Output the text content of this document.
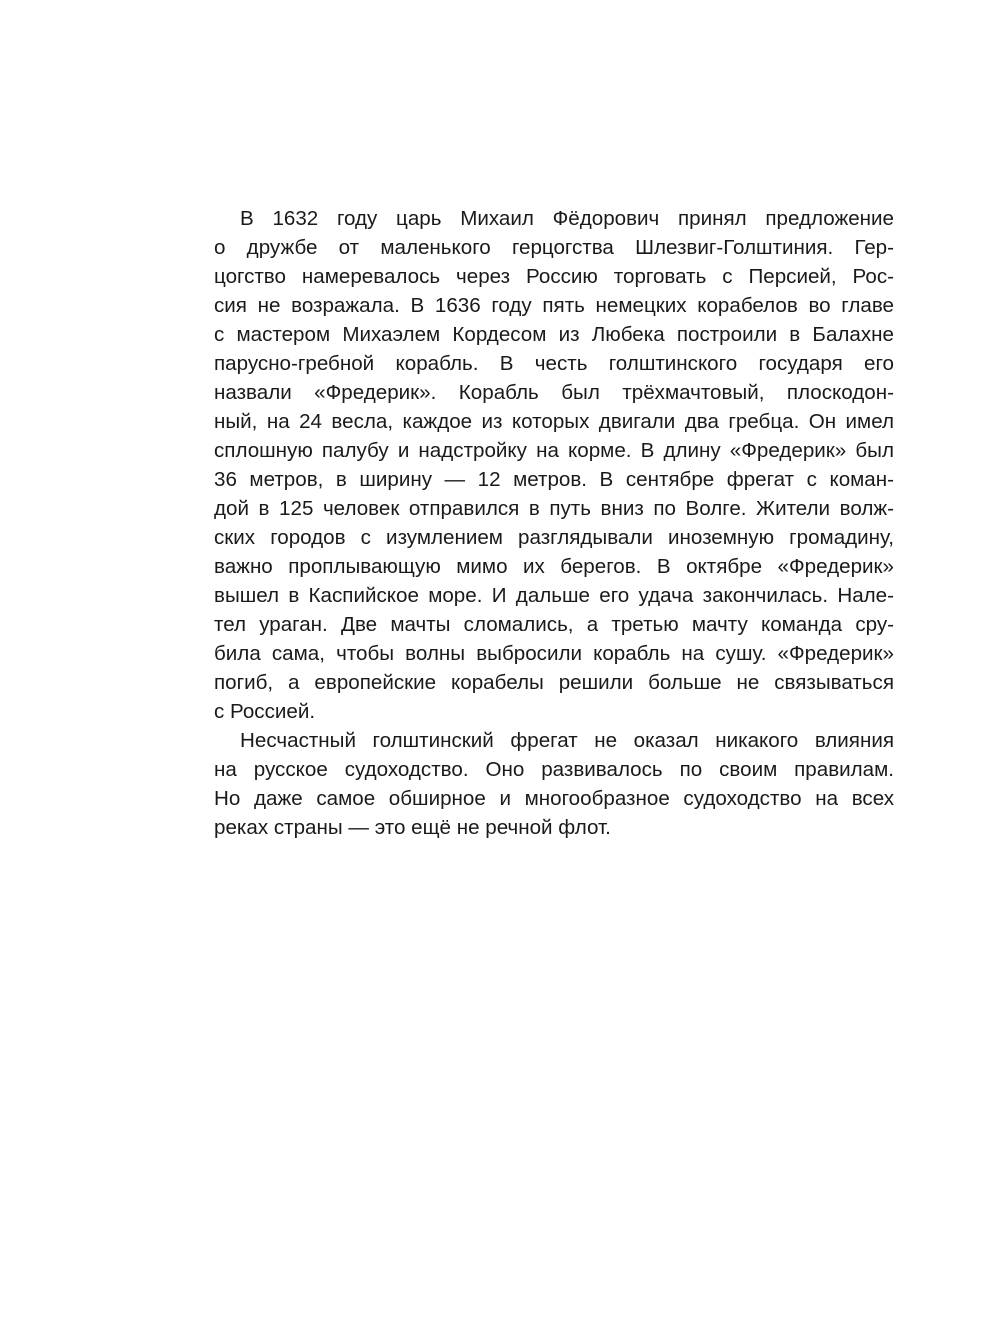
В 1632 году царь Михаил Фёдорович принял предложение
о дружбе от маленького герцогства Шлезвиг-Голштиния. Гер-
цогство намеревалось через Россию торговать с Персией, Рос-
сия не возражала. В 1636 году пять немецких корабелов во главе
с мастером Михаэлем Кордесом из Любека построили в Балахне
парусно-гребной корабль. В честь голштинского государя его
назвали «Фредерик». Корабль был трёхмачтовый, плоскодон-
ный, на 24 весла, каждое из которых двигали два гребца. Он имел
сплошную палубу и надстройку на корме. В длину «Фредерик» был
36 метров, в ширину — 12 метров. В сентябре фрегат с коман-
дой в 125 человек отправился в путь вниз по Волге. Жители волж-
ских городов с изумлением разглядывали иноземную громадину,
важно проплывающую мимо их берегов. В октябре «Фредерик»
вышел в Каспийское море. И дальше его удача закончилась. Нале-
тел ураган. Две мачты сломались, а третью мачту команда сру-
била сама, чтобы волны выбросили корабль на сушу. «Фредерик»
погиб, а европейские корабелы решили больше не связываться
с Россией.
Несчастный голштинский фрегат не оказал никакого влияния
на русское судоходство. Оно развивалось по своим правилам.
Но даже самое обширное и многообразное судоходство на всех
реках страны — это ещё не речной флот.
